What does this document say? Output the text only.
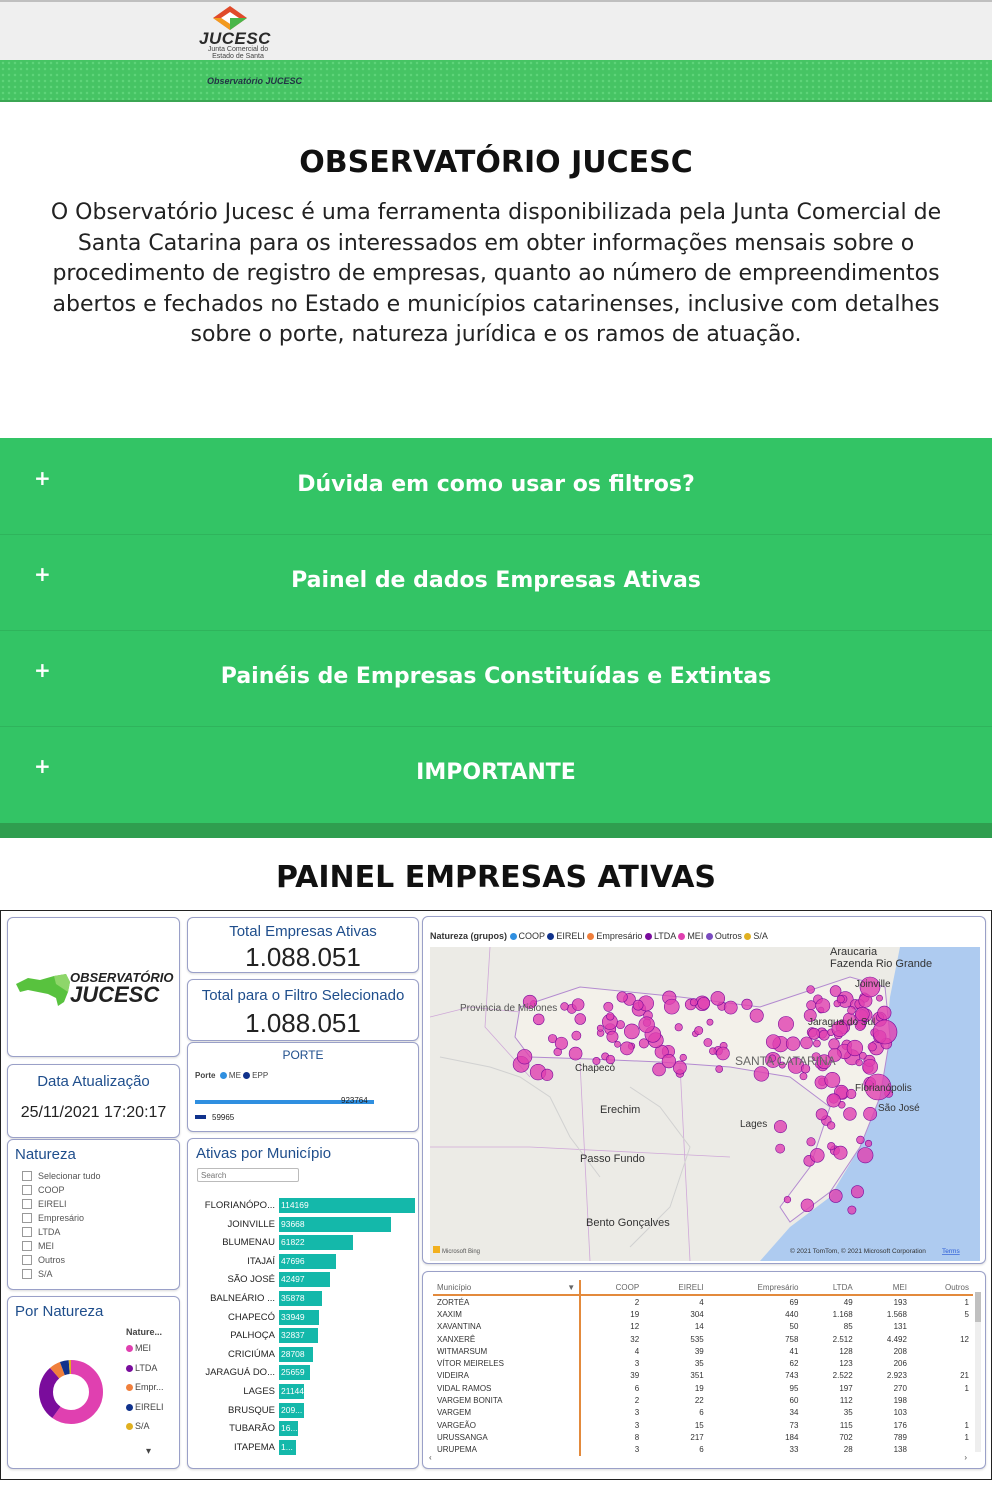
JUCESC
Junta Comercial do Estado de Santa
Observatório JUCESC
OBSERVATÓRIO JUCESC
O Observatório Jucesc é uma ferramenta disponibilizada pela Junta Comercial de Santa Catarina para os interessados em obter informações mensais sobre o procedimento de registro de empresas, quanto ao número de empreendimentos abertos e fechados no Estado e municípios catarinenses, inclusive com detalhes sobre o porte, natureza jurídica e os ramos de atuação.
+	Dúvida em como usar os filtros?
+	Painel de dados Empresas Ativas
+	Painéis de Empresas Constituídas e Extintas
+	IMPORTANTE
PAINEL EMPRESAS ATIVAS
OBSERVATÓRIO
JUCESC
Total Empresas Ativas
1.088.051
Total para o Filtro Selecionado
1.088.051
PORTE
Porte ME EPP
923764
59965
Data Atualização
25/11/2021 17:20:17
Natureza
Selecionar tudo
COOP
EIRELI
Empresário
LTDA
MEI
Outros
S/A
Por Natureza
Nature...
MEI
LTDA
Empr...
EIRELI
S/A
▾
Ativas por Município
Search
FLORIANÓPO... 114169
JOINVILLE 93668
BLUMENAU 61822
ITAJAÍ 47696
SÃO JOSÉ 42497
BALNEÁRIO ... 35878
CHAPECÓ 33949
PALHOÇA 32837
CRICIÚMA 28708
JARAGUÁ DO... 25659
LAGES 21144
BRUSQUE 209...
TUBARÃO 16...
ITAPEMA 1...
Natureza (grupos) COOP EIRELI Empresário LTDA MEI Outros S/A
Araucaria
Fazenda Rio Grande
Provincia de Misiones
Erechim
Passo Fundo
Bento Gonçalves
SANTA CATARINA
Lages
Joinville
Jaragua do Sul
Florianópolis
São José
Chapecó
Microsoft Bing	© 2021 TomTom, © 2021 Microsoft Corporation Terms
Município ▼	COOP	EIRELI	Empresário	LTDA	MEI	Outros
ZORTÉA	2	4	69	49	193	1
XAXIM	19	304	440	1.168	1.568	5
XAVANTINA	12	14	50	85	131	
XANXERÊ	32	535	758	2.512	4.492	12
WITMARSUM	4	39	41	128	208	
VÍTOR MEIRELES	3	35	62	123	206	
VIDEIRA	39	351	743	2.522	2.923	21
VIDAL RAMOS	6	19	95	197	270	1
VARGEM BONITA	2	22	60	112	198	
VARGEM	3	6	34	35	103	
VARGEÃO	3	15	73	115	176	1
URUSSANGA	8	217	184	702	789	1
URUPEMA	3	6	33	28	138	
‹	›
